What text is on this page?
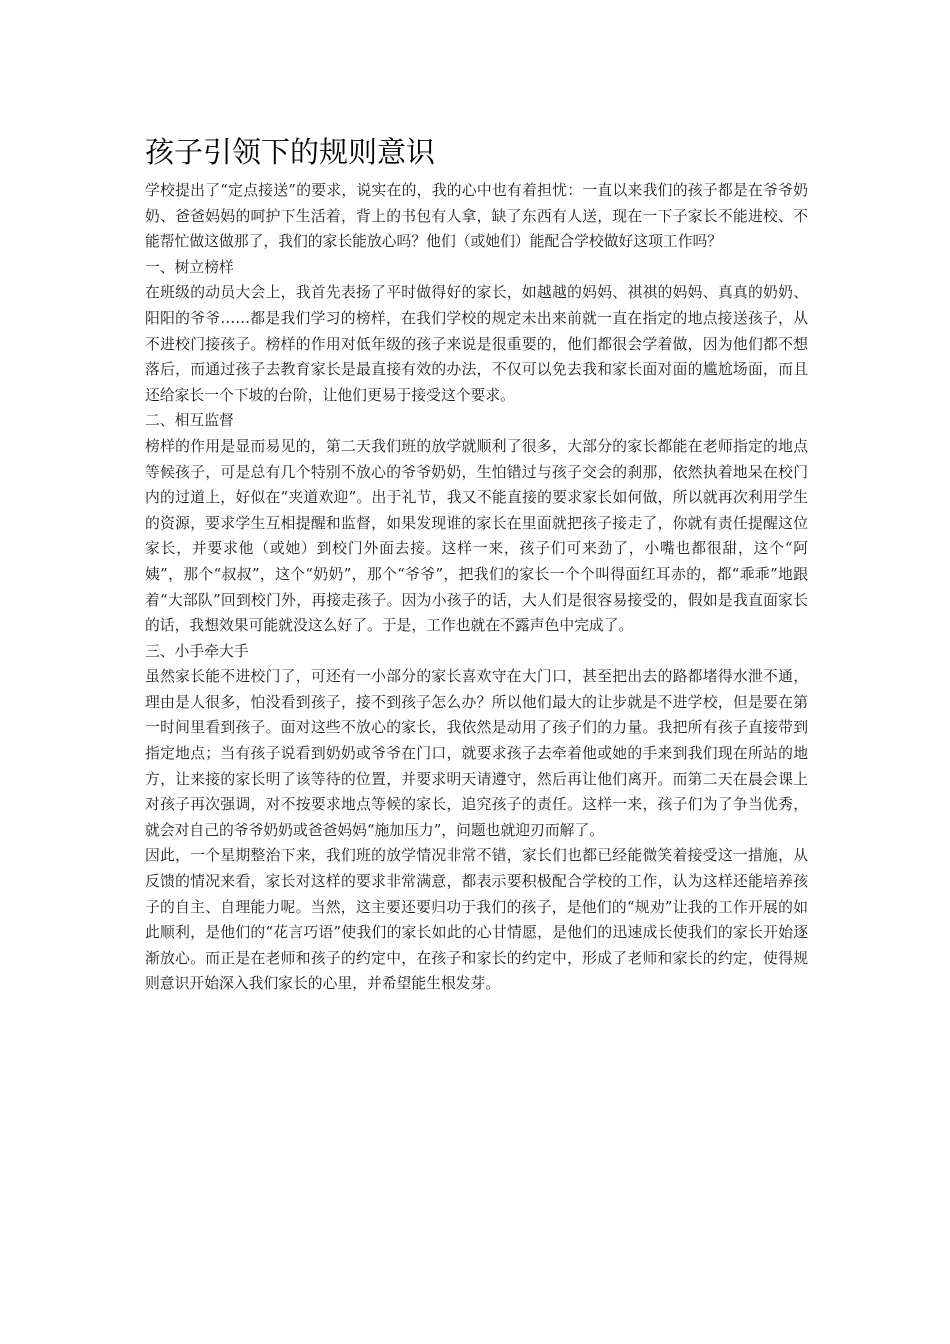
孩子引领下的规则意识

学校提出了“定点接送”的要求，说实在的，我的心中也有着担忧：一直以来我们的孩子都是在爷爷奶奶、爸爸妈妈的呵护下生活着，背上的书包有人拿，缺了东西有人送，现在一下子家长不能进校、不能帮忙做这做那了，我们的家长能放心吗？他们（或她们）能配合学校做好这项工作吗？

一、树立榜样

在班级的动员大会上，我首先表扬了平时做得好的家长，如越越的妈妈、祺祺的妈妈、真真的奶奶、阳阳的爷爷……都是我们学习的榜样，在我们学校的规定未出来前就一直在指定的地点接送孩子，从不进校门接孩子。榜样的作用对低年级的孩子来说是很重要的，他们都很会学着做，因为他们都不想落后，而通过孩子去教育家长是最直接有效的办法，不仅可以免去我和家长面对面的尴尬场面，而且还给家长一个下坡的台阶，让他们更易于接受这个要求。

二、相互监督

榜样的作用是显而易见的，第二天我们班的放学就顺利了很多，大部分的家长都能在老师指定的地点等候孩子，可是总有几个特别不放心的爷爷奶奶，生怕错过与孩子交会的刹那，依然执着地呆在校门内的过道上，好似在“夹道欢迎”。出于礼节，我又不能直接的要求家长如何做，所以就再次利用学生的资源，要求学生互相提醒和监督，如果发现谁的家长在里面就把孩子接走了，你就有责任提醒这位家长，并要求他（或她）到校门外面去接。这样一来，孩子们可来劲了，小嘴也都很甜，这个“阿姨”，那个“叔叔”，这个“奶奶”，那个“爷爷”，把我们的家长一个个叫得面红耳赤的，都“乖乖”地跟着“大部队”回到校门外，再接走孩子。因为小孩子的话，大人们是很容易接受的，假如是我直面家长的话，我想效果可能就没这么好了。于是，工作也就在不露声色中完成了。

三、小手牵大手

虽然家长能不进校门了，可还有一小部分的家长喜欢守在大门口，甚至把出去的路都堵得水泄不通，理由是人很多，怕没看到孩子，接不到孩子怎么办？所以他们最大的让步就是不进学校，但是要在第一时间里看到孩子。面对这些不放心的家长，我依然是动用了孩子们的力量。我把所有孩子直接带到指定地点；当有孩子说看到奶奶或爷爷在门口，就要求孩子去牵着他或她的手来到我们现在所站的地方，让来接的家长明了该等待的位置，并要求明天请遵守，然后再让他们离开。而第二天在晨会课上对孩子再次强调，对不按要求地点等候的家长，追究孩子的责任。这样一来，孩子们为了争当优秀，就会对自己的爷爷奶奶或爸爸妈妈“施加压力”，问题也就迎刃而解了。

因此，一个星期整治下来，我们班的放学情况非常不错，家长们也都已经能微笑着接受这一措施，从反馈的情况来看，家长对这样的要求非常满意，都表示要积极配合学校的工作，认为这样还能培养孩子的自主、自理能力呢。当然，这主要还要归功于我们的孩子，是他们的“规劝”让我的工作开展的如此顺利，是他们的“花言巧语”使我们的家长如此的心甘情愿，是他们的迅速成长使我们的家长开始逐渐放心。而正是在老师和孩子的约定中，在孩子和家长的约定中，形成了老师和家长的约定，使得规则意识开始深入我们家长的心里，并希望能生根发芽。
